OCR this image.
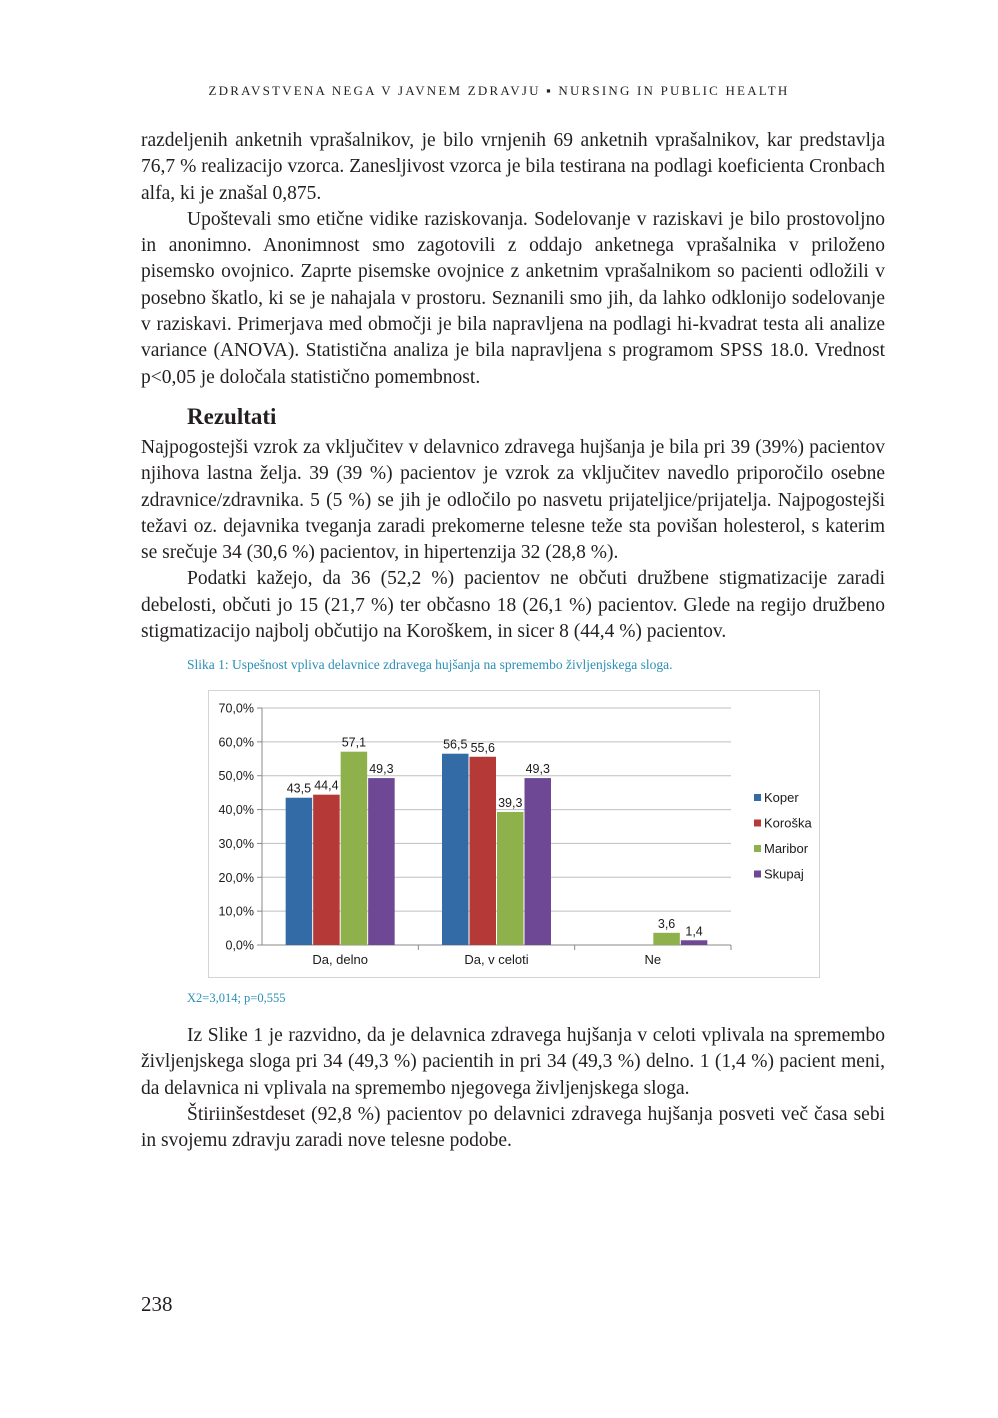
ZDRAVSTVENA NEGA V JAVNEM ZDRAVJU ▪ NURSING IN PUBLIC HEALTH

razdeljenih anketnih vprašalnikov, je bilo vrnjenih 69 anketnih vprašalnikov, kar predstavlja 76,7 % realizacijo vzorca. Zanesljivost vzorca je bila testirana na podlagi koeficienta Cronbach alfa, ki je znašal 0,875.

Upoštevali smo etične vidike raziskovanja. Sodelovanje v raziskavi je bilo prostovoljno in anonimno. Anonimnost smo zagotovili z oddajo anketnega vprašalnika v priloženo pisemsko ovojnico. Zaprte pisemske ovojnice z anketnim vprašalnikom so pacienti odložili v posebno škatlo, ki se je nahajala v prostoru. Seznanili smo jih, da lahko odklonijo sodelovanje v raziskavi. Primerjava med območji je bila napravljena na podlagi hi-kvadrat testa ali analize variance (ANOVA). Statistična analiza je bila napravljena s programom SPSS 18.0. Vrednost p<0,05 je določala statistično pomembnost.

Rezultati

Najpogostejši vzrok za vključitev v delavnico zdravega hujšanja je bila pri 39 (39%) pacientov njihova lastna želja. 39 (39 %) pacientov je vzrok za vključitev navedlo priporočilo osebne zdravnice/zdravnika. 5 (5 %) se jih je odločilo po nasvetu prijateljice/prijatelja. Najpogostejši težavi oz. dejavnika tveganja zaradi prekomerne telesne teže sta povišan holesterol, s katerim se srečuje 34 (30,6 %) pacientov, in hipertenzija 32 (28,8 %).

Podatki kažejo, da 36 (52,2 %) pacientov ne občuti družbene stigmatizacije zaradi debelosti, občuti jo 15 (21,7 %) ter občasno 18 (26,1 %) pacientov. Glede na regijo družbeno stigmatizacijo najbolj občutijo na Koroškem, in sicer 8 (44,4 %) pacientov.

Slika 1: Uspešnost vpliva delavnice zdravega hujšanja na spremembo življenjskega sloga.
0,0%
10,0%
20,0%
30,0%
40,0%
50,0%
60,0%
70,0%
43,5 44,4
57,1
49,3
Da, delno
56,5 55,6
39,3
49,3
Da, v celoti
3,6
1,4
Ne
Koper
Koroška
Maribor
Skupaj
X2=3,014; p=0,555

Iz Slike 1 je razvidno, da je delavnica zdravega hujšanja v celoti vplivala na spremembo življenjskega sloga pri 34 (49,3 %) pacientih in pri 34 (49,3 %) delno. 1 (1,4 %) pacient meni, da delavnica ni vplivala na spremembo njegovega življenjskega sloga.

Štiriinšestdeset (92,8 %) pacientov po delavnici zdravega hujšanja posveti več časa sebi in svojemu zdravju zaradi nove telesne podobe.

238
